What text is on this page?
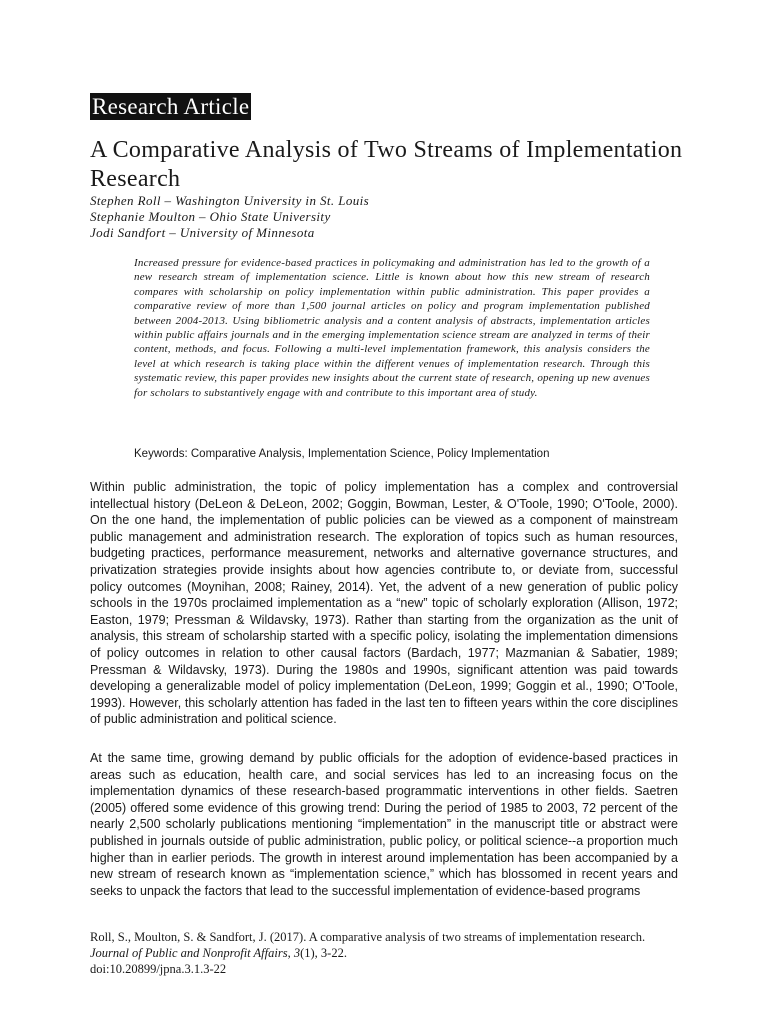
Research Article
A Comparative Analysis of Two Streams of Implementation Research
Stephen Roll – Washington University in St. Louis
Stephanie Moulton – Ohio State University
Jodi Sandfort – University of Minnesota

Increased pressure for evidence-based practices in policymaking and administration has led to the growth of a new research stream of implementation science. Little is known about how this new stream of research compares with scholarship on policy implementation within public administration. This paper provides a comparative review of more than 1,500 journal articles on policy and program implementation published between 2004-2013. Using bibliometric analysis and a content analysis of abstracts, implementation articles within public affairs journals and in the emerging implementation science stream are analyzed in terms of their content, methods, and focus. Following a multi-level implementation framework, this analysis considers the level at which research is taking place within the different venues of implementation research. Through this systematic review, this paper provides new insights about the current state of research, opening up new avenues for scholars to substantively engage with and contribute to this important area of study.

Keywords: Comparative Analysis, Implementation Science, Policy Implementation

Within public administration, the topic of policy implementation has a complex and controversial intellectual history (DeLeon & DeLeon, 2002; Goggin, Bowman, Lester, & O'Toole, 1990; O'Toole, 2000). On the one hand, the implementation of public policies can be viewed as a component of mainstream public management and administration research. The exploration of topics such as human resources, budgeting practices, performance measurement, networks and alternative governance structures, and privatization strategies provide insights about how agencies contribute to, or deviate from, successful policy outcomes (Moynihan, 2008; Rainey, 2014). Yet, the advent of a new generation of public policy schools in the 1970s proclaimed implementation as a “new” topic of scholarly exploration (Allison, 1972; Easton, 1979; Pressman & Wildavsky, 1973). Rather than starting from the organization as the unit of analysis, this stream of scholarship started with a specific policy, isolating the implementation dimensions of policy outcomes in relation to other causal factors (Bardach, 1977; Mazmanian & Sabatier, 1989; Pressman & Wildavsky, 1973). During the 1980s and 1990s, significant attention was paid towards developing a generalizable model of policy implementation (DeLeon, 1999; Goggin et al., 1990; O'Toole, 1993). However, this scholarly attention has faded in the last ten to fifteen years within the core disciplines of public administration and political science.

At the same time, growing demand by public officials for the adoption of evidence-based practices in areas such as education, health care, and social services has led to an increasing focus on the implementation dynamics of these research-based programmatic interventions in other fields. Saetren (2005) offered some evidence of this growing trend: During the period of 1985 to 2003, 72 percent of the nearly 2,500 scholarly publications mentioning “implementation” in the manuscript title or abstract were published in journals outside of public administration, public policy, or political science--a proportion much higher than in earlier periods. The growth in interest around implementation has been accompanied by a new stream of research known as “implementation science,” which has blossomed in recent years and seeks to unpack the factors that lead to the successful implementation of evidence-based programs

Roll, S., Moulton, S. & Sandfort, J. (2017). A comparative analysis of two streams of implementation research. Journal of Public and Nonprofit Affairs, 3(1), 3-22.
doi:10.20899/jpna.3.1.3-22
